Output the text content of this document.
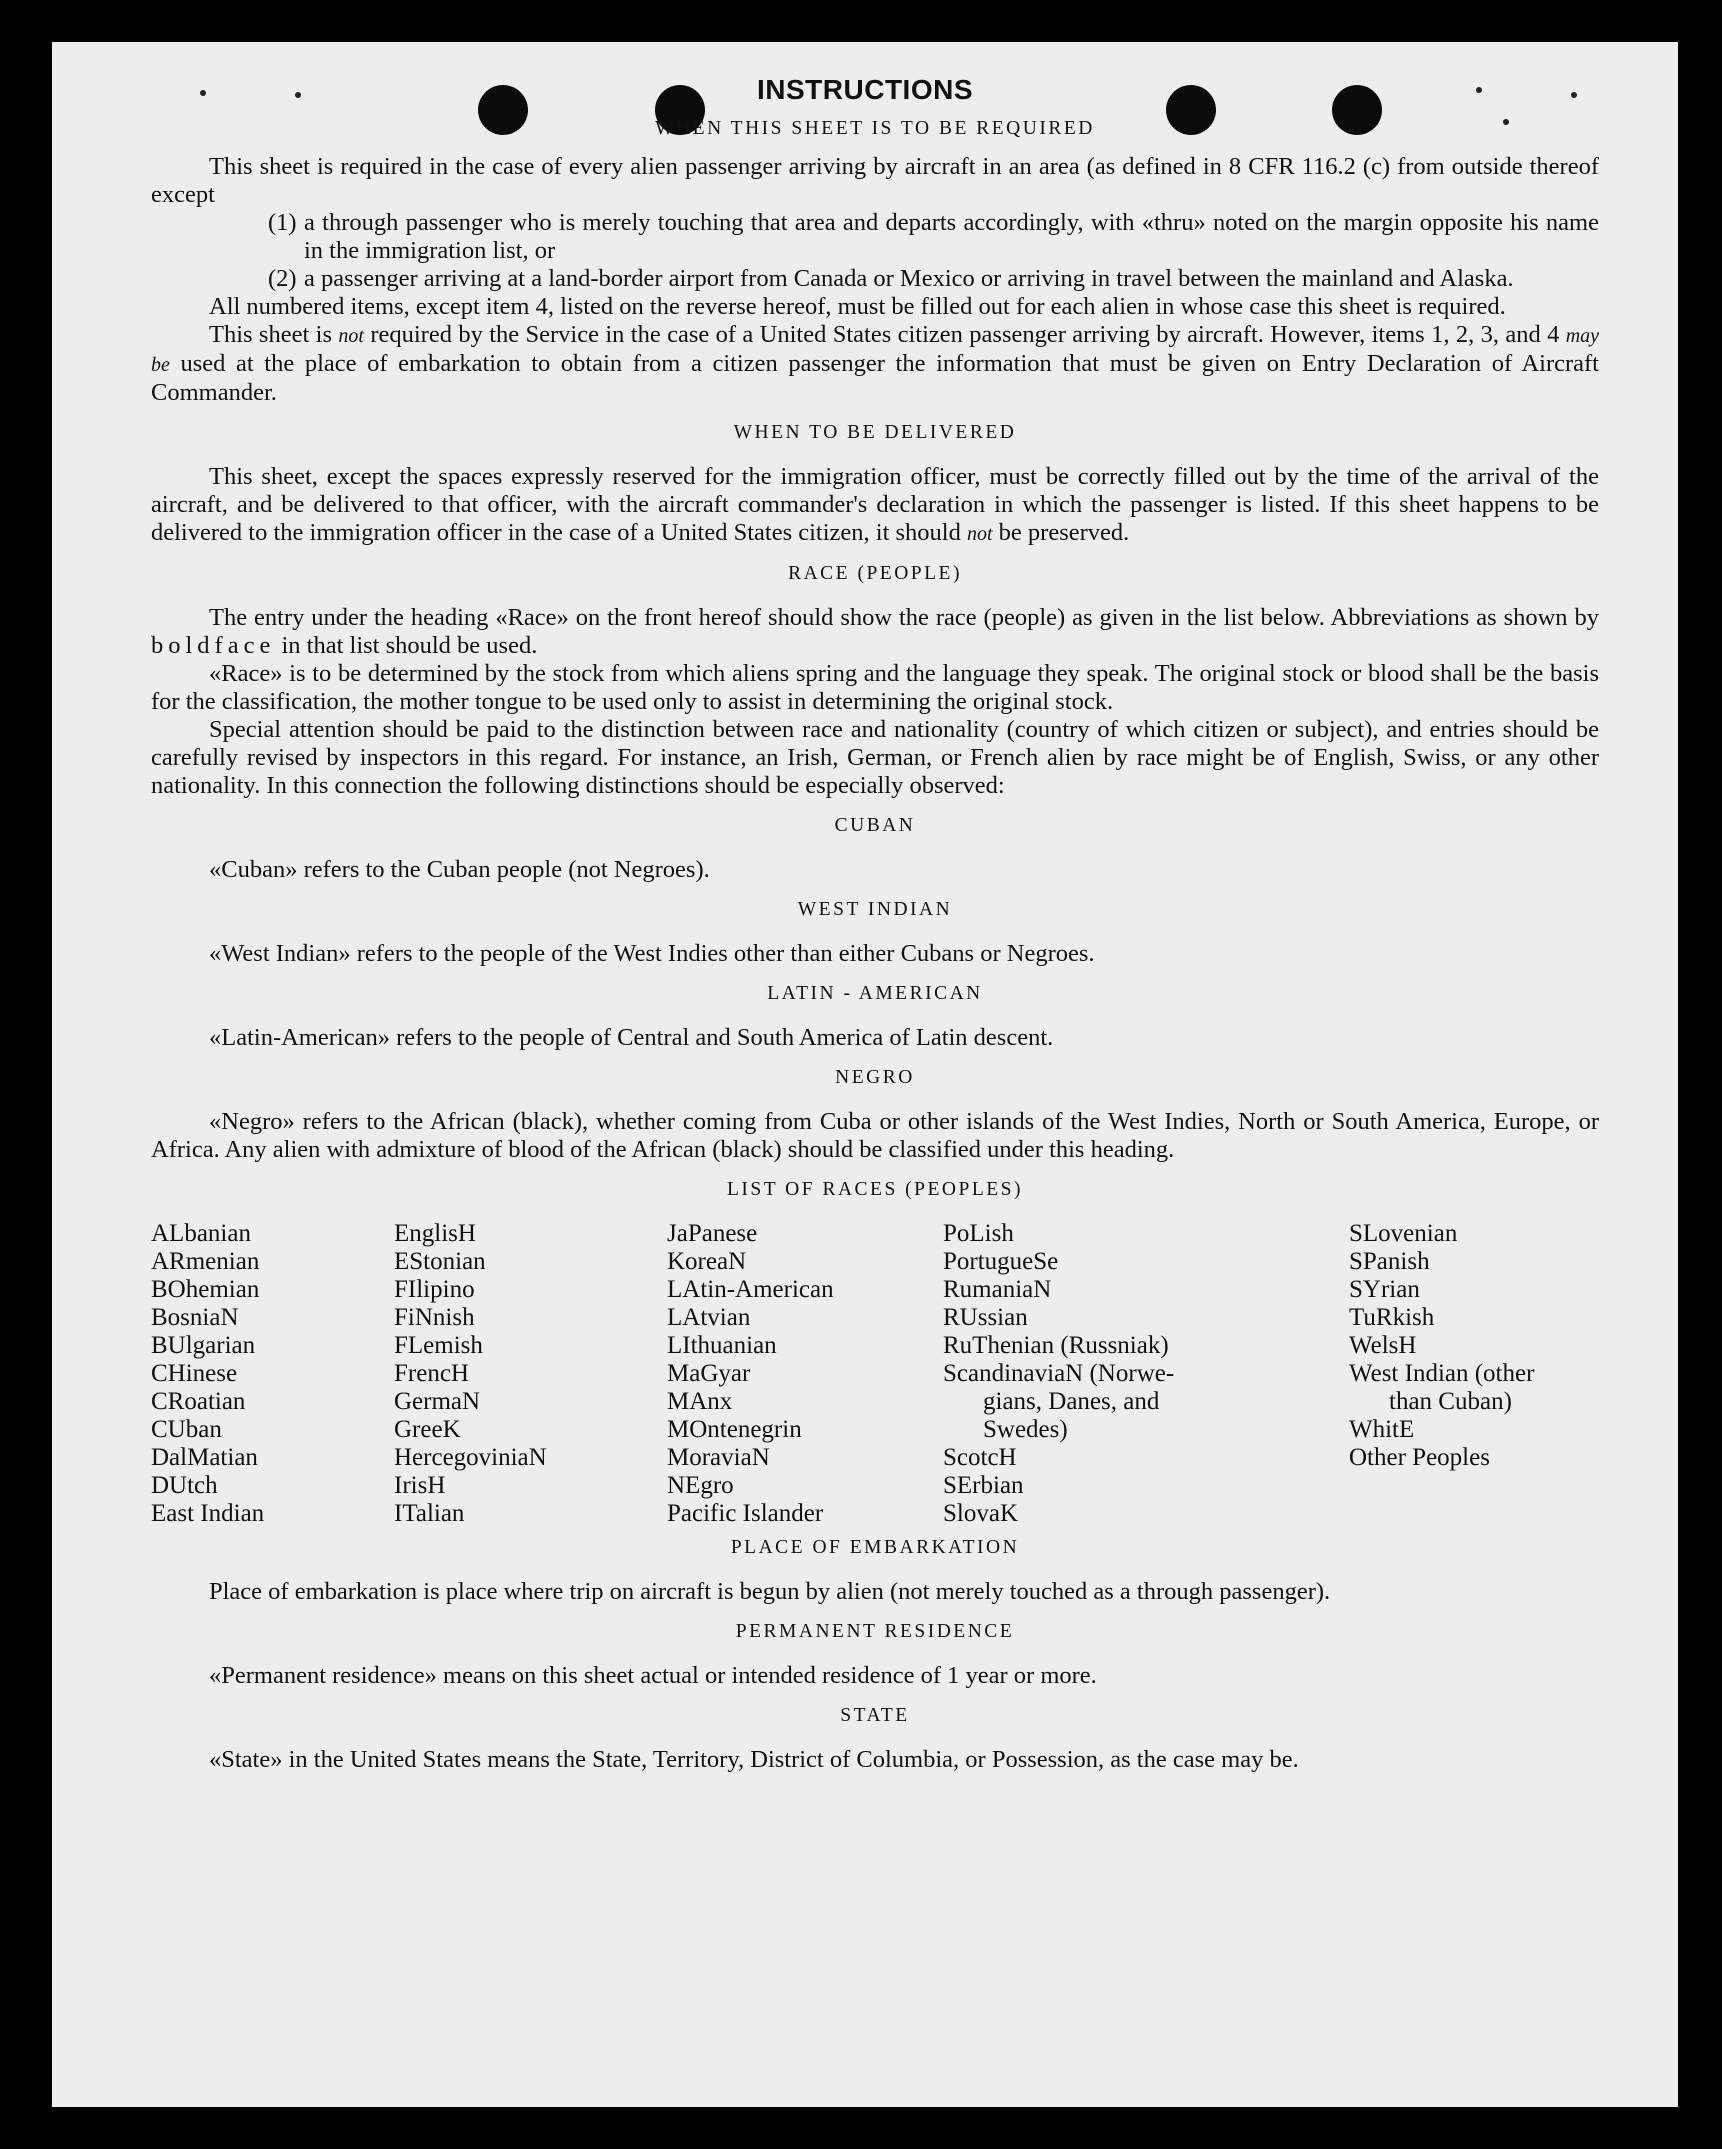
INSTRUCTIONS
WHEN THIS SHEET IS TO BE REQUIRED

This sheet is required in the case of every alien passenger arriving by aircraft in an area (as defined in 8 CFR 116.2 (c) from outside thereof except

(1) a through passenger who is merely touching that area and departs accordingly, with «thru» noted on the margin opposite his name in the immigration list, or

(2) a passenger arriving at a land-border airport from Canada or Mexico or arriving in travel between the mainland and Alaska.

All numbered items, except item 4, listed on the reverse hereof, must be filled out for each alien in whose case this sheet is required.

This sheet is not required by the Service in the case of a United States citizen passenger arriving by aircraft. However, items 1, 2, 3, and 4 may be used at the place of embarkation to obtain from a citizen passenger the information that must be given on Entry Declaration of Aircraft Commander.

WHEN TO BE DELIVERED

This sheet, except the spaces expressly reserved for the immigration officer, must be correctly filled out by the time of the arrival of the aircraft, and be delivered to that officer, with the aircraft commander's declaration in which the passenger is listed. If this sheet happens to be delivered to the immigration officer in the case of a United States citizen, it should not be preserved.

RACE (PEOPLE)

The entry under the heading «Race» on the front hereof should show the race (people) as given in the list below. Abbreviations as shown by boldface in that list should be used.

«Race» is to be determined by the stock from which aliens spring and the language they speak. The original stock or blood shall be the basis for the classification, the mother tongue to be used only to assist in determining the original stock.

Special attention should be paid to the distinction between race and nationality (country of which citizen or subject), and entries should be carefully revised by inspectors in this regard. For instance, an Irish, German, or French alien by race might be of English, Swiss, or any other nationality. In this connection the following distinctions should be especially observed:

CUBAN

«Cuban» refers to the Cuban people (not Negroes).

WEST INDIAN

«West Indian» refers to the people of the West Indies other than either Cubans or Negroes.

LATIN - AMERICAN

«Latin-American» refers to the people of Central and South America of Latin descent.

NEGRO

«Negro» refers to the African (black), whether coming from Cuba or other islands of the West Indies, North or South America, Europe, or Africa. Any alien with admixture of blood of the African (black) should be classified under this heading.

LIST OF RACES (PEOPLES)
ALbanian
ARmenian
BOhemian
BosniaN
BUlgarian
CHinese
CRoatian
CUban
DalMatian
DUtch
East Indian
EnglisH
EStonian
FIlipino
FiNnish
FLemish
FrencH
GermaN
GreeK
HercegoviniaN
IrisH
ITalian
JaPanese
KoreaN
LAtin-American
LAtvian
LIthuanian
MaGyar
MAnx
MOntenegrin
MoraviaN
NEgro
Pacific Islander
PoLish
PortugueSe
RumaniaN
RUssian
RuThenian (Russniak)
ScandinaviaN (Norwe-
gians, Danes, and
Swedes)
ScotcH
SErbian
SlovaK
SLovenian
SPanish
SYrian
TuRkish
WelsH
West Indian (other
than Cuban)
WhitE
Other Peoples
PLACE OF EMBARKATION

Place of embarkation is place where trip on aircraft is begun by alien (not merely touched as a through passenger).

PERMANENT RESIDENCE

«Permanent residence» means on this sheet actual or intended residence of 1 year or more.

STATE

«State» in the United States means the State, Territory, District of Columbia, or Possession, as the case may be.
